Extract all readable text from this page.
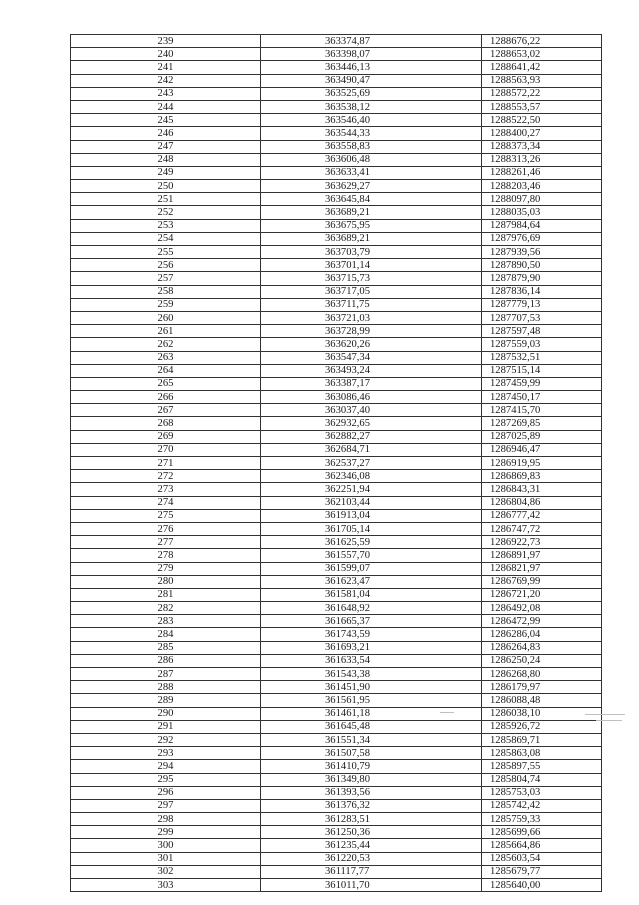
239	363374,87	1288676,22
240	363398,07	1288653,02
241	363446,13	1288641,42
242	363490,47	1288563,93
243	363525,69	1288572,22
244	363538,12	1288553,57
245	363546,40	1288522,50
246	363544,33	1288400,27
247	363558,83	1288373,34
248	363606,48	1288313,26
249	363633,41	1288261,46
250	363629,27	1288203,46
251	363645,84	1288097,80
252	363689,21	1288035,03
253	363675,95	1287984,64
254	363689,21	1287976,69
255	363703,79	1287939,56
256	363701,14	1287890,50
257	363715,73	1287879,90
258	363717,05	1287836,14
259	363711,75	1287779,13
260	363721,03	1287707,53
261	363728,99	1287597,48
262	363620,26	1287559,03
263	363547,34	1287532,51
264	363493,24	1287515,14
265	363387,17	1287459,99
266	363086,46	1287450,17
267	363037,40	1287415,70
268	362932,65	1287269,85
269	362882,27	1287025,89
270	362684,71	1286946,47
271	362537,27	1286919,95
272	362346,08	1286869,83
273	362251,94	1286843,31
274	362103,44	1286804,86
275	361913,04	1286777,42
276	361705,14	1286747,72
277	361625,59	1286922,73
278	361557,70	1286891,97
279	361599,07	1286821,97
280	361623,47	1286769,99
281	361581,04	1286721,20
282	361648,92	1286492,08
283	361665,37	1286472,99
284	361743,59	1286286,04
285	361693,21	1286264,83
286	361633,54	1286250,24
287	361543,38	1286268,80
288	361451,90	1286179,97
289	361561,95	1286088,48
290	361461,18	1286038,10
291	361645,48	1285926,72
292	361551,34	1285869,71
293	361507,58	1285863,08
294	361410,79	1285897,55
295	361349,80	1285804,74
296	361393,56	1285753,03
297	361376,32	1285742,42
298	361283,51	1285759,33
299	361250,36	1285699,66
300	361235,44	1285664,86
301	361220,53	1285603,54
302	361117,77	1285679,77
303	361011,70	1285640,00
